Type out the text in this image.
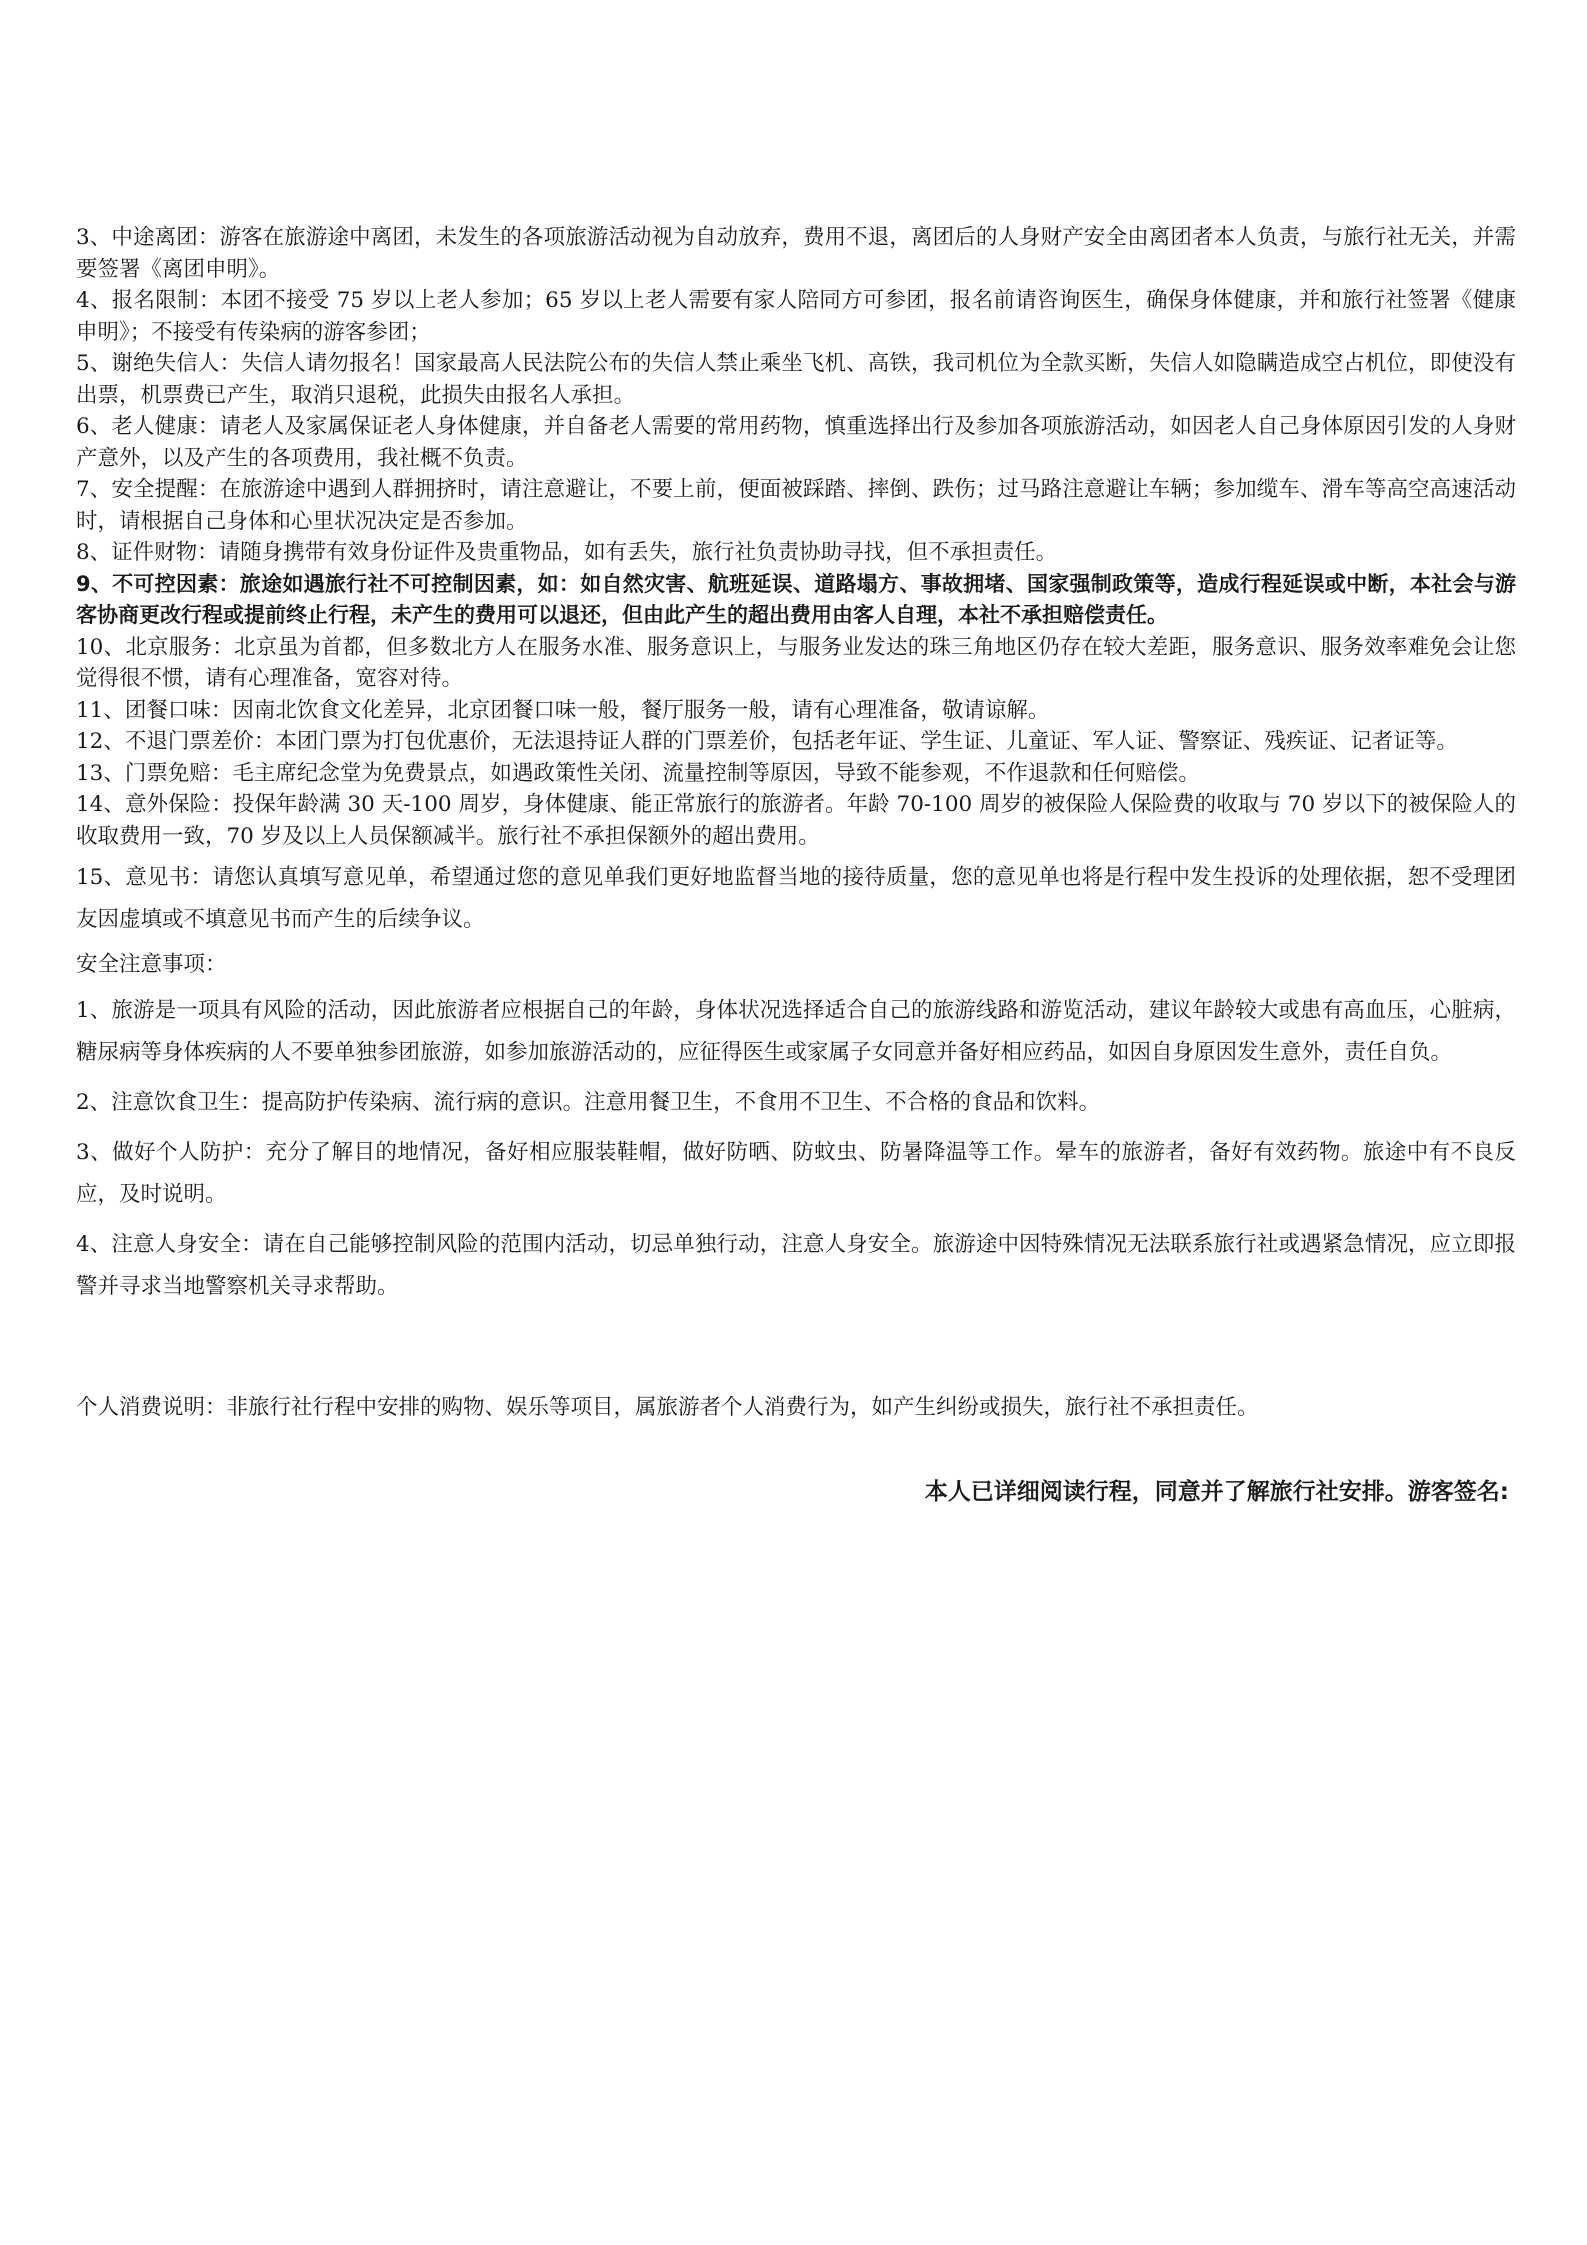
3、中途离团：游客在旅游途中离团，未发生的各项旅游活动视为自动放弃，费用不退，离团后的人身财产安全由离团者本人负责，与旅行社无关，并需要签署《离团申明》。

4、报名限制：本团不接受 75 岁以上老人参加；65 岁以上老人需要有家人陪同方可参团，报名前请咨询医生，确保身体健康，并和旅行社签署《健康申明》；不接受有传染病的游客参团；

5、谢绝失信人：失信人请勿报名！国家最高人民法院公布的失信人禁止乘坐飞机、高铁，我司机位为全款买断，失信人如隐瞒造成空占机位，即使没有出票，机票费已产生，取消只退税，此损失由报名人承担。

6、老人健康：请老人及家属保证老人身体健康，并自备老人需要的常用药物，慎重选择出行及参加各项旅游活动，如因老人自己身体原因引发的人身财产意外，以及产生的各项费用，我社概不负责。

7、安全提醒：在旅游途中遇到人群拥挤时，请注意避让，不要上前，便面被踩踏、摔倒、跌伤；过马路注意避让车辆；参加缆车、滑车等高空高速活动时，请根据自己身体和心里状况决定是否参加。

8、证件财物：请随身携带有效身份证件及贵重物品，如有丢失，旅行社负责协助寻找，但不承担责任。

9、不可控因素：旅途如遇旅行社不可控制因素，如：如自然灾害、航班延误、道路塌方、事故拥堵、国家强制政策等，造成行程延误或中断，本社会与游客协商更改行程或提前终止行程，未产生的费用可以退还，但由此产生的超出费用由客人自理，本社不承担赔偿责任。

10、北京服务：北京虽为首都，但多数北方人在服务水准、服务意识上，与服务业发达的珠三角地区仍存在较大差距，服务意识、服务效率难免会让您觉得很不惯，请有心理准备，宽容对待。

11、团餐口味：因南北饮食文化差异，北京团餐口味一般，餐厅服务一般，请有心理准备，敬请谅解。

12、不退门票差价：本团门票为打包优惠价，无法退持证人群的门票差价，包括老年证、学生证、儿童证、军人证、警察证、残疾证、记者证等。

13、门票免赔：毛主席纪念堂为免费景点，如遇政策性关闭、流量控制等原因，导致不能参观，不作退款和任何赔偿。

14、意外保险：投保年龄满 30 天-100 周岁，身体健康、能正常旅行的旅游者。年龄 70-100 周岁的被保险人保险费的收取与 70 岁以下的被保险人的收取费用一致，70 岁及以上人员保额减半。旅行社不承担保额外的超出费用。

15、意见书：请您认真填写意见单，希望通过您的意见单我们更好地监督当地的接待质量，您的意见单也将是行程中发生投诉的处理依据，恕不受理团友因虚填或不填意见书而产生的后续争议。

安全注意事项：

1、旅游是一项具有风险的活动，因此旅游者应根据自己的年龄，身体状况选择适合自己的旅游线路和游览活动，建议年龄较大或患有高血压，心脏病，糖尿病等身体疾病的人不要单独参团旅游，如参加旅游活动的，应征得医生或家属子女同意并备好相应药品，如因自身原因发生意外，责任自负。

2、注意饮食卫生：提高防护传染病、流行病的意识。注意用餐卫生，不食用不卫生、不合格的食品和饮料。

3、做好个人防护：充分了解目的地情况，备好相应服装鞋帽，做好防晒、防蚊虫、防暑降温等工作。晕车的旅游者，备好有效药物。旅途中有不良反应，及时说明。

4、注意人身安全：请在自己能够控制风险的范围内活动，切忌单独行动，注意人身安全。旅游途中因特殊情况无法联系旅行社或遇紧急情况，应立即报警并寻求当地警察机关寻求帮助。

个人消费说明：非旅行社行程中安排的购物、娱乐等项目，属旅游者个人消费行为，如产生纠纷或损失，旅行社不承担责任。
本人已详细阅读行程，同意并了解旅行社安排。游客签名:
